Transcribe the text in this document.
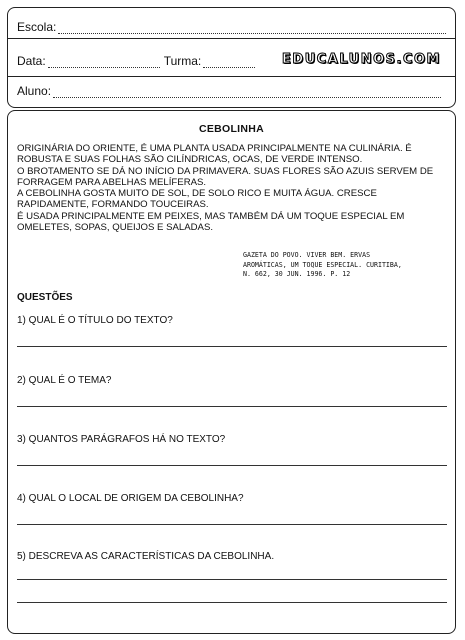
Escola:
Data:	Turma:	EDUCALUNOS.COM
Aluno:
CEBOLINHA

ORIGINÁRIA DO ORIENTE, É UMA PLANTA USADA PRINCIPALMENTE NA CULINÁRIA. É ROBUSTA E SUAS FOLHAS SÃO CILÍNDRICAS, OCAS, DE VERDE INTENSO.

O BROTAMENTO SE DÁ NO INÍCIO DA PRIMAVERA. SUAS FLORES SÃO AZUIS SERVEM DE FORRAGEM PARA ABELHAS MELÍFERAS.

A CEBOLINHA GOSTA MUITO DE SOL, DE SOLO RICO E MUITA ÁGUA. CRESCE RAPIDAMENTE, FORMANDO TOUCEIRAS.

É USADA PRINCIPALMENTE EM PEIXES, MAS TAMBÉM DÁ UM TOQUE ESPECIAL EM OMELETES, SOPAS, QUEIJOS E SALADAS.

GAZETA DO POVO. VIVER BEM. ERVAS
AROMÁTICAS, UM TOQUE ESPECIAL. CURITIBA,
N. 662, 30 JUN. 1996. P. 12
QUESTÕES
1) QUAL É O TÍTULO DO TEXTO?
2) QUAL É O TEMA?
3) QUANTOS PARÁGRAFOS HÁ NO TEXTO?
4) QUAL O LOCAL DE ORIGEM DA CEBOLINHA?
5) DESCREVA AS CARACTERÍSTICAS DA CEBOLINHA.
